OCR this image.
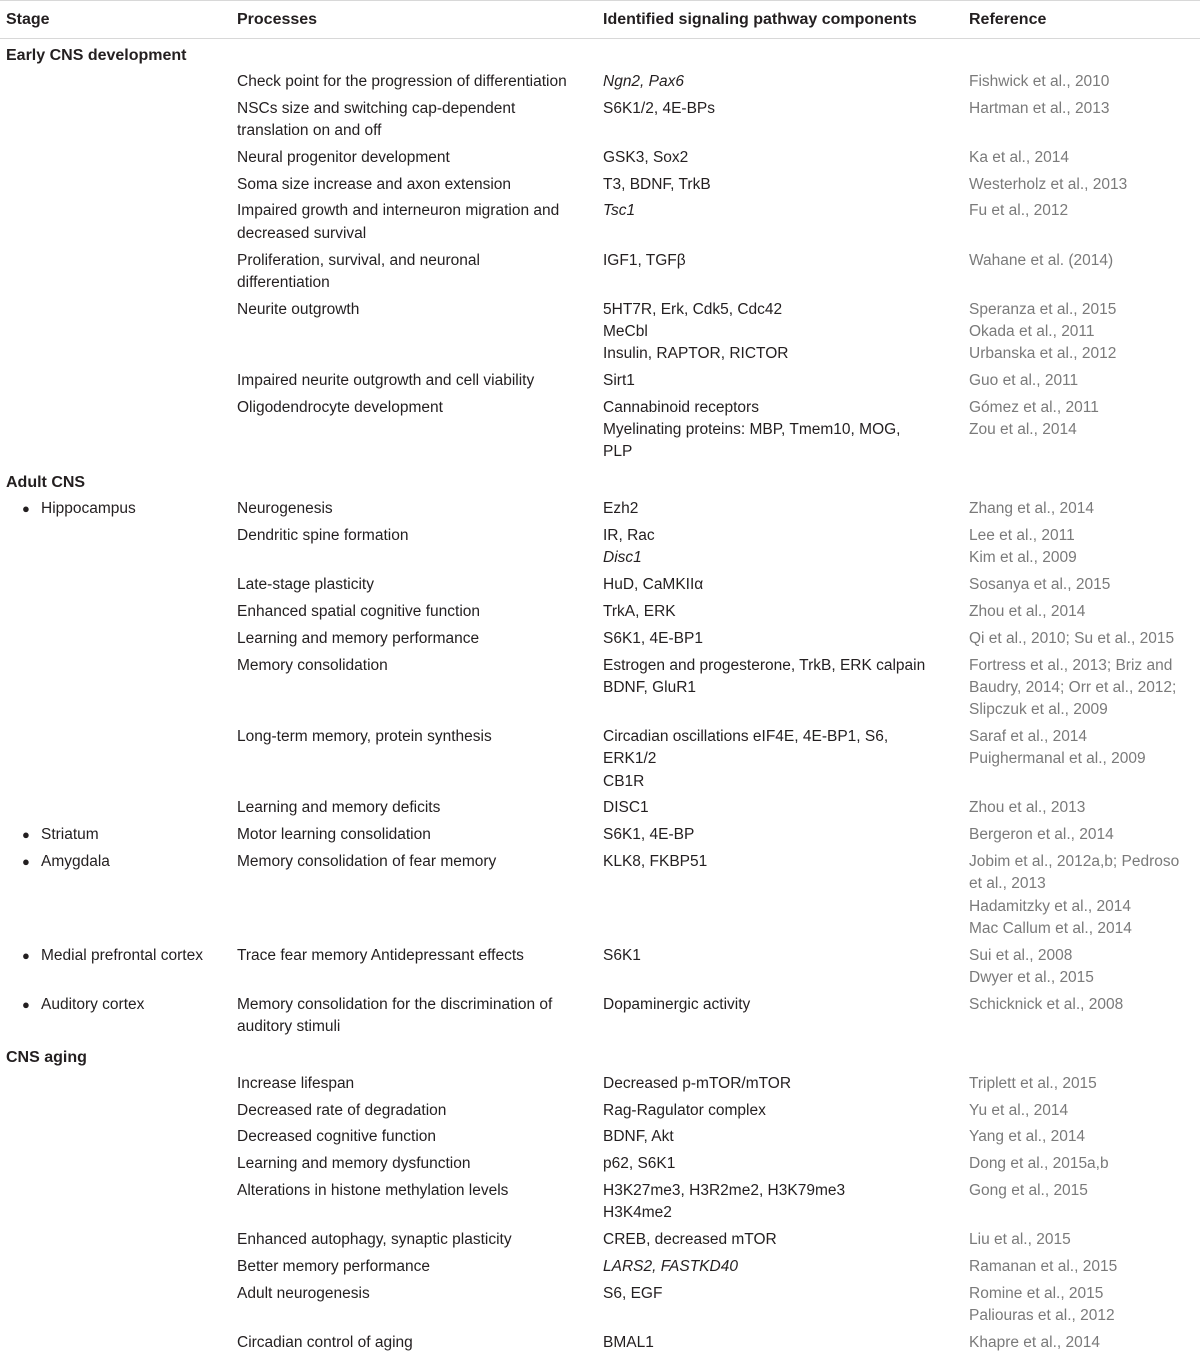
Stage	Processes	Identified signaling pathway components	Reference
Early CNS development			

	Check point for the progression of differentiation	Ngn2, Pax6	Fishwick et al., 2010

	NSCs size and switching cap-dependent
translation on and off	S6K1/2, 4E-BPs	Hartman et al., 2013

	Neural progenitor development	GSK3, Sox2	Ka et al., 2014

	Soma size increase and axon extension	T3, BDNF, TrkB	Westerholz et al., 2013

	Impaired growth and interneuron migration and
decreased survival	Tsc1	Fu et al., 2012

	Proliferation, survival, and neuronal
differentiation	IGF1, TGFβ	Wahane et al. (2014)

	Neurite outgrowth	5HT7R, Erk, Cdk5, Cdc42
MeCbl
Insulin, RAPTOR, RICTOR	Speranza et al., 2015
Okada et al., 2011
Urbanska et al., 2012

	Impaired neurite outgrowth and cell viability	Sirt1	Guo et al., 2011

	Oligodendrocyte development	Cannabinoid receptors
Myelinating proteins: MBP, Tmem10, MOG,
PLP	Gómez et al., 2011
Zou et al., 2014

Adult CNS			
● Hippocampus	Neurogenesis	Ezh2	Zhang et al., 2014

	Dendritic spine formation	IR, Rac
Disc1	Lee et al., 2011
Kim et al., 2009

	Late-stage plasticity	HuD, CaMKIIα	Sosanya et al., 2015

	Enhanced spatial cognitive function	TrkA, ERK	Zhou et al., 2014

	Learning and memory performance	S6K1, 4E-BP1	Qi et al., 2010; Su et al., 2015

	Memory consolidation	Estrogen and progesterone, TrkB, ERK calpain
BDNF, GluR1	Fortress et al., 2013; Briz and
Baudry, 2014; Orr et al., 2012;
Slipczuk et al., 2009

	Long-term memory, protein synthesis	Circadian oscillations eIF4E, 4E-BP1, S6,
ERK1/2
CB1R	Saraf et al., 2014
Puighermanal et al., 2009

	Learning and memory deficits	DISC1	Zhou et al., 2013

● Striatum	Motor learning consolidation	S6K1, 4E-BP	Bergeron et al., 2014

● Amygdala	Memory consolidation of fear memory	KLK8, FKBP51	Jobim et al., 2012a,b; Pedroso
et al., 2013
Hadamitzky et al., 2014
Mac Callum et al., 2014

● Medial prefrontal cortex	Trace fear memory Antidepressant effects	S6K1	Sui et al., 2008
Dwyer et al., 2015

● Auditory cortex	Memory consolidation for the discrimination of
auditory stimuli	Dopaminergic activity	Schicknick et al., 2008

CNS aging			

	Increase lifespan	Decreased p-mTOR/mTOR	Triplett et al., 2015

	Decreased rate of degradation	Rag-Ragulator complex	Yu et al., 2014

	Decreased cognitive function	BDNF, Akt	Yang et al., 2014

	Learning and memory dysfunction	p62, S6K1	Dong et al., 2015a,b

	Alterations in histone methylation levels	H3K27me3, H3R2me2, H3K79me3
H3K4me2	Gong et al., 2015

	Enhanced autophagy, synaptic plasticity	CREB, decreased mTOR	Liu et al., 2015

	Better memory performance	LARS2, FASTKD40	Ramanan et al., 2015

	Adult neurogenesis	S6, EGF	Romine et al., 2015
Paliouras et al., 2012

	Circadian control of aging	BMAL1	Khapre et al., 2014
